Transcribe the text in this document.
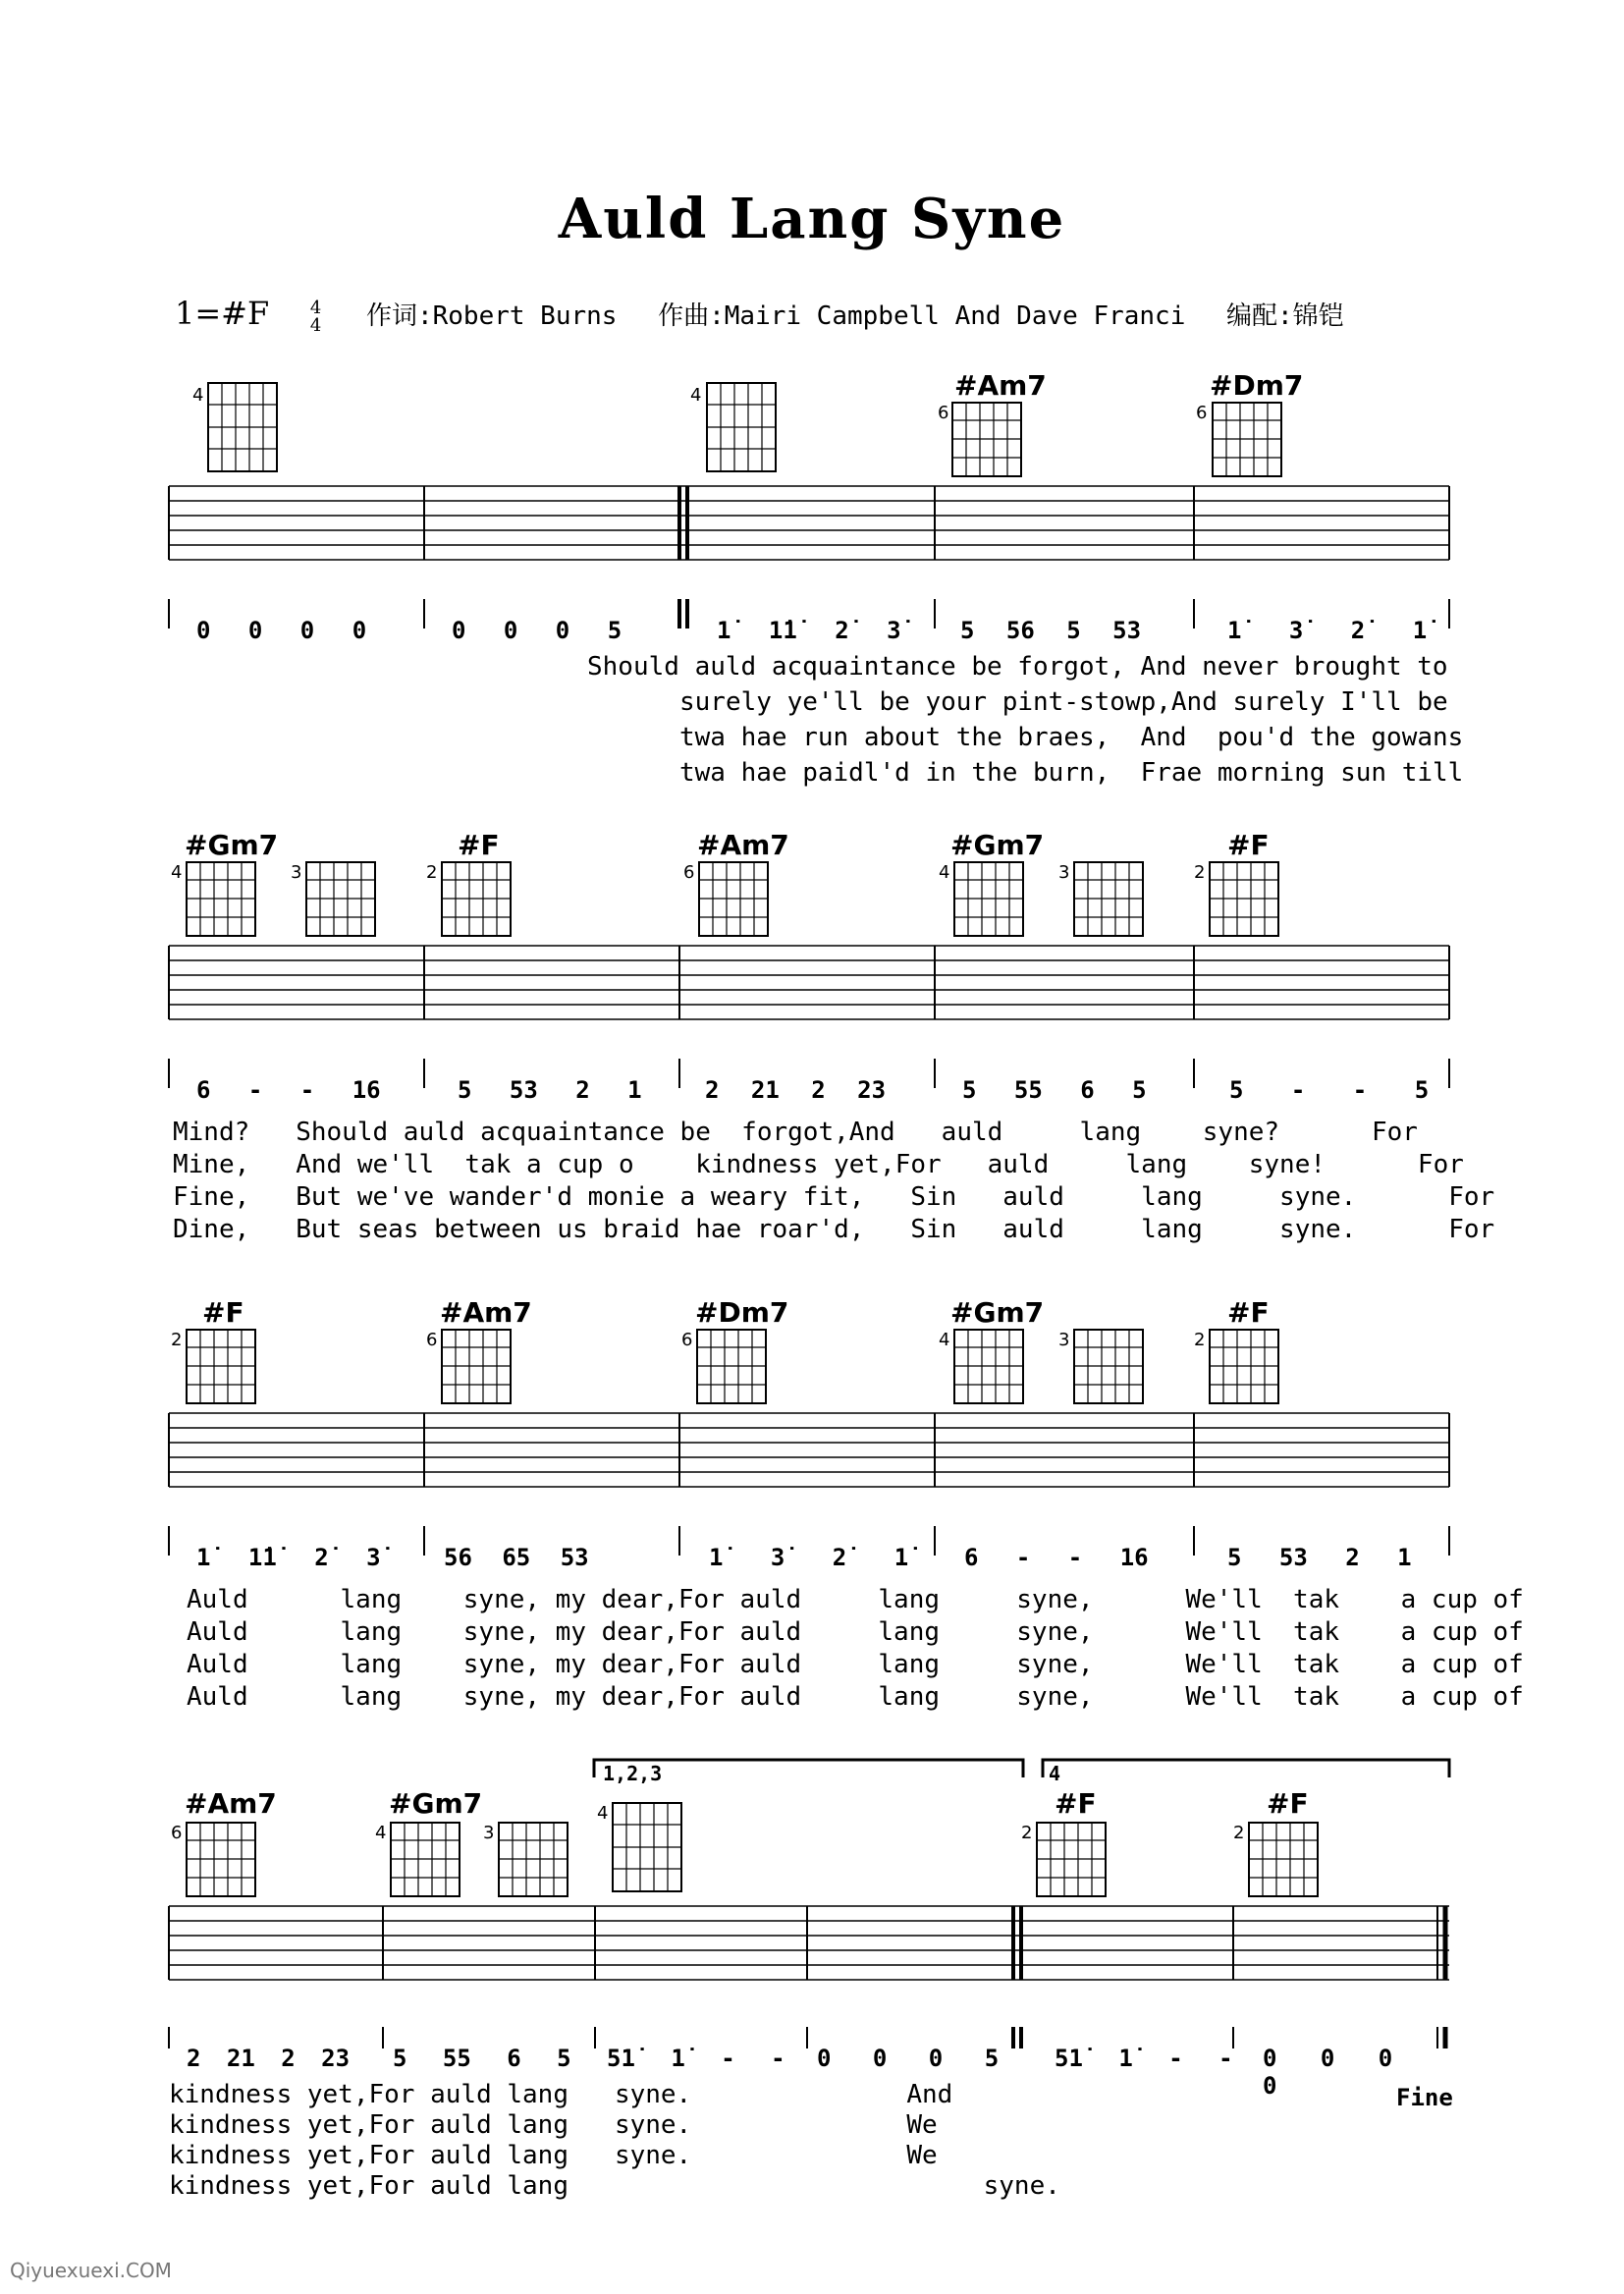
Auld Lang Syne
1=#F 4
4 作词:Robert Burns 作曲:Mairi Campbell And Dave Franci 编配:锦铠
4	4	#Am7
6
#Dm7
6
0 0 0 0	0 0 0 5	1̇ 1̇1̇ 2̇ 3̇	5 56 5 53	1̇ 3̇ 2̇ 1̇
Should auld acquaintance be forgot, And never brought to
surely ye'll be your pint-stowp,And surely I'll be
twa hae run about the braes,  And  pou'd the gowans
twa hae paidl'd in the burn,  Frae morning sun till
#Gm7
4	3
#F
2
#Am7
6
#Gm7
4	3
#F
2
6 - - 16	5 53 2 1	2 21 2 23	5 55 6 5	5 - - 5
Mind?   Should auld acquaintance be  forgot,And   auld     lang    syne?      For
Mine,   And we'll  tak a cup o    kindness yet,For   auld     lang    syne!      For
Fine,   But we've wander'd monie a weary fit,   Sin   auld     lang     syne.      For
Dine,   But seas between us braid hae roar'd,   Sin   auld     lang     syne.      For
#F
2
#Am7
6
#Dm7
6
#Gm7
4	3
#F
2
1̇ 1̇1̇ 2̇ 3̇	56 65 53	1̇ 3̇ 2̇ 1̇	6 - - 16	5 53 2 1
Auld      lang    syne, my dear,For auld     lang     syne,      We'll  tak    a cup of
Auld      lang    syne, my dear,For auld     lang     syne,      We'll  tak    a cup of
Auld      lang    syne, my dear,For auld     lang     syne,      We'll  tak    a cup of
Auld      lang    syne, my dear,For auld     lang     syne,      We'll  tak    a cup of
1,2,3	4
#Am7
6
#Gm7
4	3
4	#F
2
#F
2
2 21 2 23	5 55 6 5	51̇ 1̇ - -	0 0 0 5 51̇ 1̇ - -	0 0 0 0
kindness yet,For auld lang   syne.              And
kindness yet,For auld lang   syne.              We
kindness yet,For auld lang   syne.              We
kindness yet,For auld lang                           syne.
Fine
Qiyuexuexi.COM
